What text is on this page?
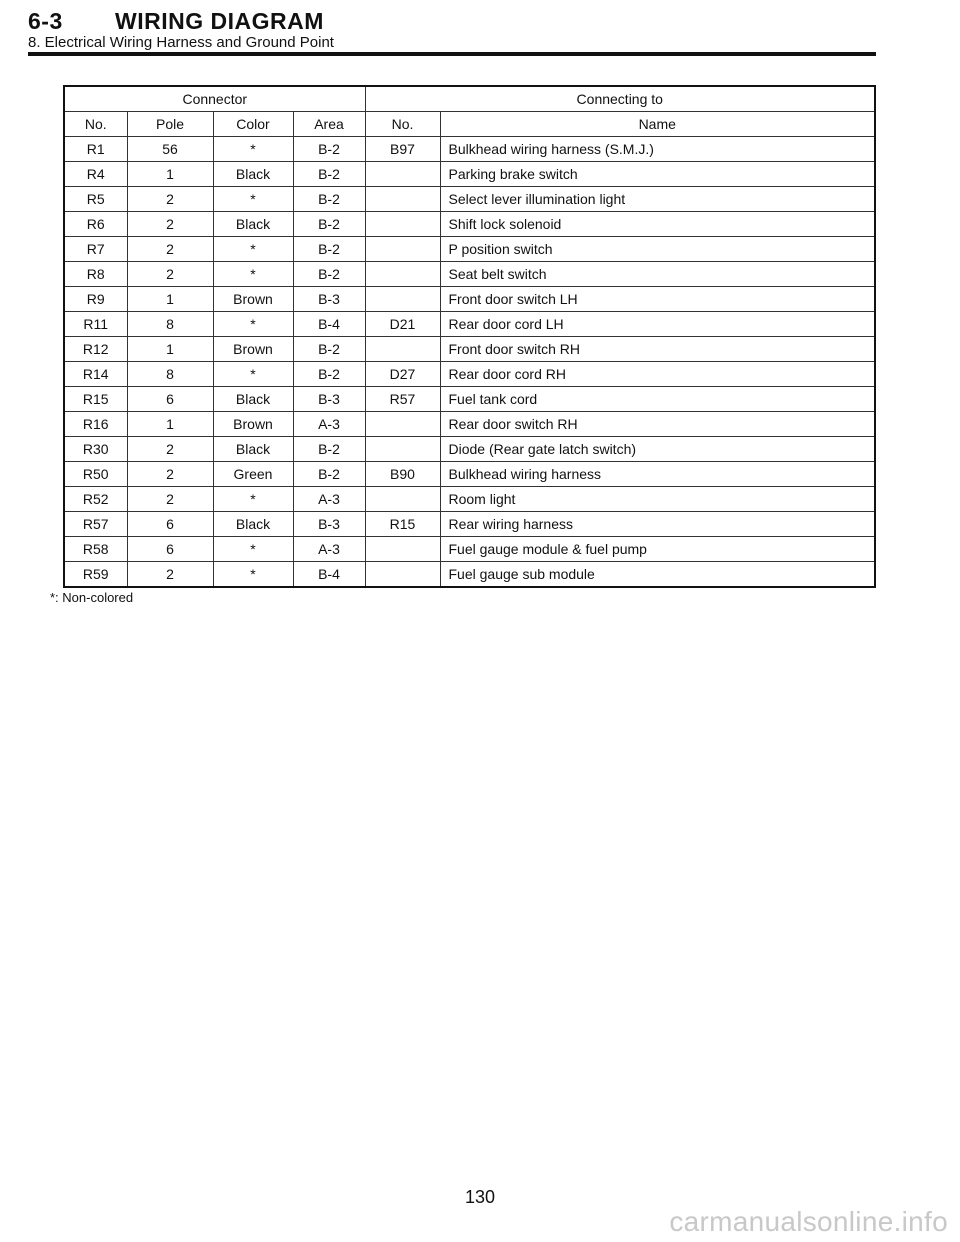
6-3 WIRING DIAGRAM
8. Electrical Wiring Harness and Ground Point
Connector				Connecting to	
No.	Pole	Color	Area	No.	Name
R1	56	*	B-2	B97	Bulkhead wiring harness (S.M.J.)
R4	1	Black	B-2		Parking brake switch
R5	2	*	B-2		Select lever illumination light
R6	2	Black	B-2		Shift lock solenoid
R7	2	*	B-2		P position switch
R8	2	*	B-2		Seat belt switch
R9	1	Brown	B-3		Front door switch LH
R11	8	*	B-4	D21	Rear door cord LH
R12	1	Brown	B-2		Front door switch RH
R14	8	*	B-2	D27	Rear door cord RH
R15	6	Black	B-3	R57	Fuel tank cord
R16	1	Brown	A-3		Rear door switch RH
R30	2	Black	B-2		Diode (Rear gate latch switch)
R50	2	Green	B-2	B90	Bulkhead wiring harness
R52	2	*	A-3		Room light
R57	6	Black	B-3	R15	Rear wiring harness
R58	6	*	A-3		Fuel gauge module & fuel pump
R59	2	*	B-4		Fuel gauge sub module
*: Non-colored
130
carmanualsonline.info
